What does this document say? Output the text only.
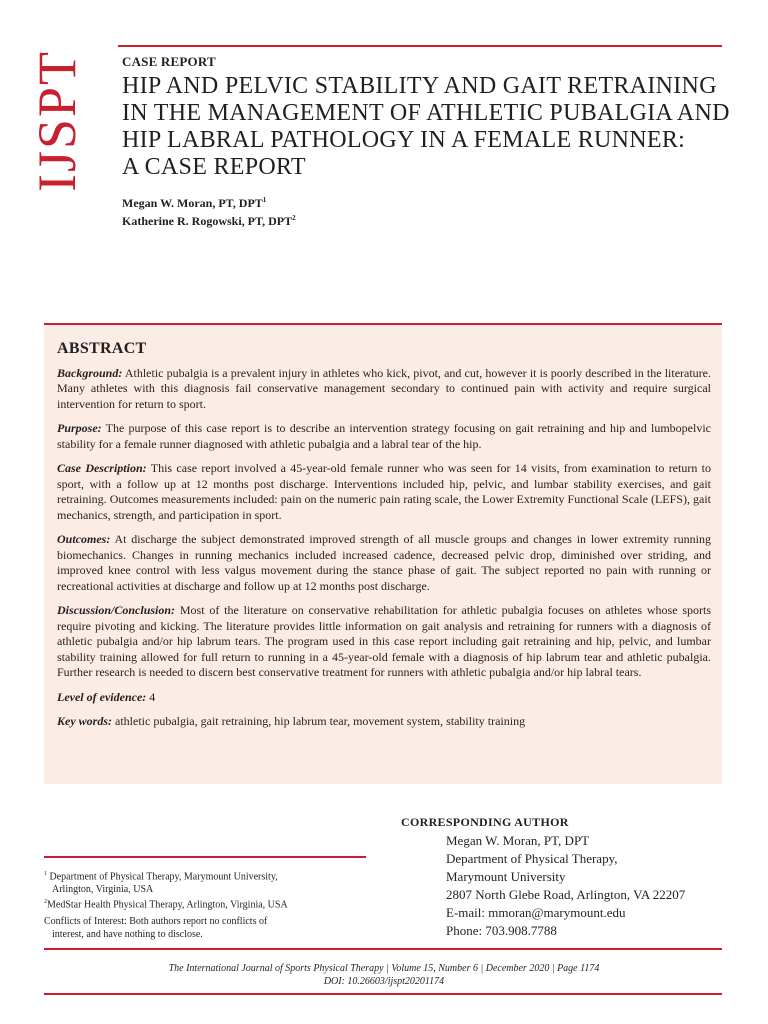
IJSPT	CASE REPORT
HIP AND PELVIC STABILITY AND GAIT RETRAINING
IN THE MANAGEMENT OF ATHLETIC PUBALGIA AND
HIP LABRAL PATHOLOGY IN A FEMALE RUNNER:
A CASE REPORT
Megan W. Moran, PT, DPT$^1$
Katherine R. Rogowski, PT, DPT$^2$
ABSTRACT

Background: Athletic pubalgia is a prevalent injury in athletes who kick, pivot, and cut, however it is poorly described in the literature. Many athletes with this diagnosis fail conservative management secondary to continued pain with activity and require surgical intervention for return to sport.

Purpose: The purpose of this case report is to describe an intervention strategy focusing on gait retraining and hip and lumbopelvic stability for a female runner diagnosed with athletic pubalgia and a labral tear of the hip.

Case Description: This case report involved a 45-year-old female runner who was seen for 14 visits, from examination to return to sport, with a follow up at 12 months post discharge. Interventions included hip, pelvic, and lumbar stability exercises, and gait retraining. Outcomes measurements included: pain on the numeric pain rating scale, the Lower Extremity Functional Scale (LEFS), gait mechanics, strength, and participation in sport.

Outcomes: At discharge the subject demonstrated improved strength of all muscle groups and changes in lower extremity running biomechanics. Changes in running mechanics included increased cadence, decreased pelvic drop, diminished over striding, and improved knee control with less valgus movement during the stance phase of gait. The subject reported no pain with running or recreational activities at discharge and follow up at 12 months post discharge.

Discussion/Conclusion: Most of the literature on conservative rehabilitation for athletic pubalgia focuses on athletes whose sports require pivoting and kicking. The literature provides little information on gait analysis and retraining for runners with a diagnosis of athletic pubalgia and/or hip labrum tears. The program used in this case report including gait retraining and hip, pelvic, and lumbar stability training allowed for full return to running in a 45-year-old female with a diagnosis of hip labrum tear and athletic pubalgia. Further research is needed to discern best conservative treatment for runners with athletic pubalgia and/or hip labral tears.

Level of evidence: 4

Key words: athletic pubalgia, gait retraining, hip labrum tear, movement system, stability training

CORRESPONDING AUTHOR
Megan W. Moran, PT, DPT
Department of Physical Therapy,
Marymount University
2807 North Glebe Road, Arlington, VA 22207
E-mail: mmoran@marymount.edu
Phone: 703.908.7788

$^1$ Department of Physical Therapy, Marymount University,

Arlington, Virginia, USA

$^2$MedStar Health Physical Therapy, Arlington, Virginia, USA

Conflicts of Interest: Both authors report no conflicts of

interest, and have nothing to disclose.

The International Journal of Sports Physical Therapy | Volume 15, Number 6 | December 2020 | Page 1174
DOI: 10.26603/ijspt20201174
